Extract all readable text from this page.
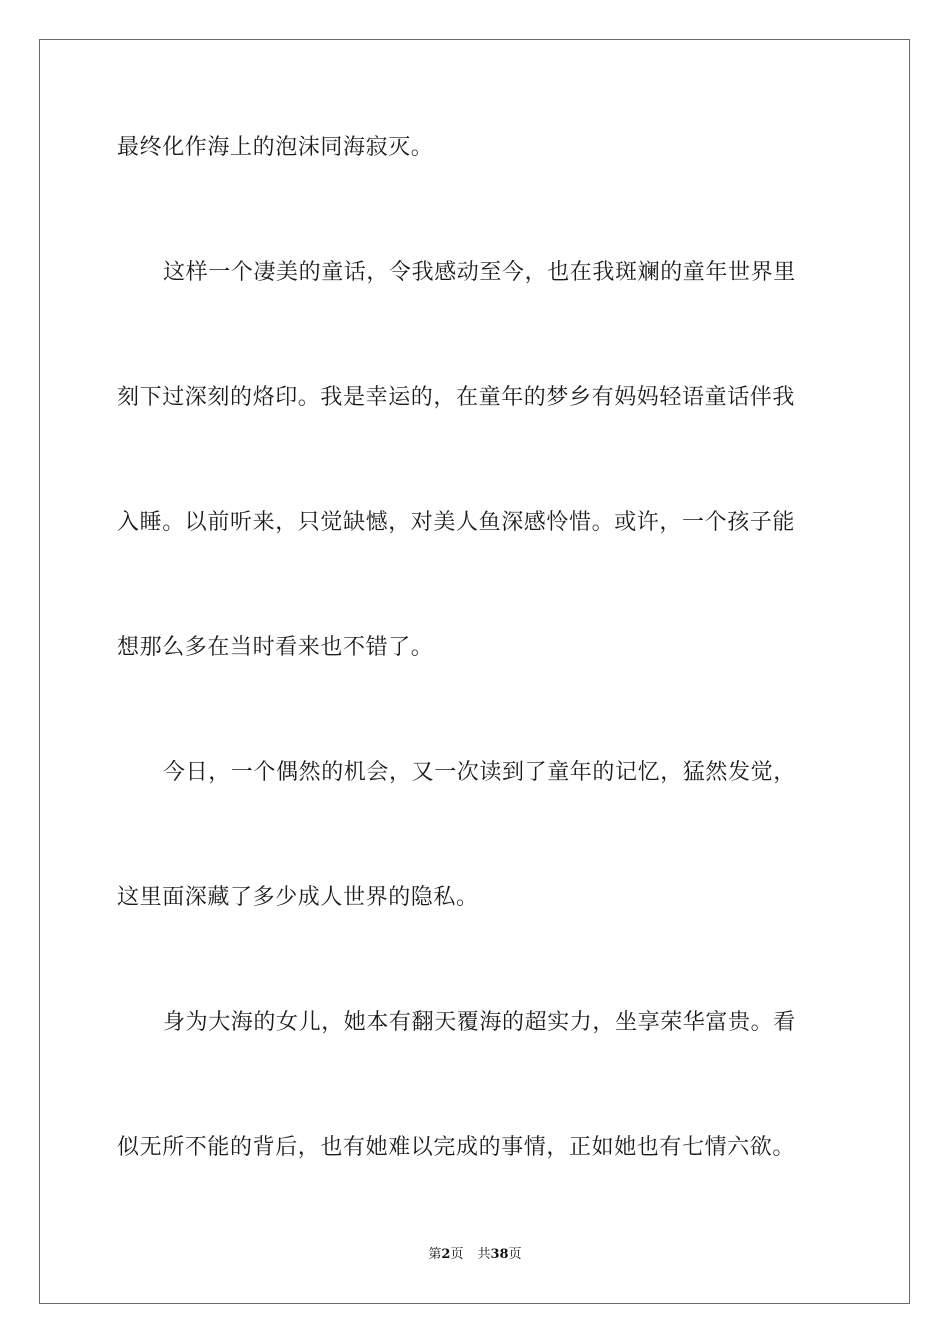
最终化作海上的泡沫同海寂灭。
这样一个凄美的童话，令我感动至今，也在我斑斓的童年世界里
刻下过深刻的烙印。我是幸运的，在童年的梦乡有妈妈轻语童话伴我
入睡。以前听来，只觉缺憾，对美人鱼深感怜惜。或许，一个孩子能
想那么多在当时看来也不错了。
今日，一个偶然的机会，又一次读到了童年的记忆，猛然发觉，
这里面深藏了多少成人世界的隐私。
身为大海的女儿，她本有翻天覆海的超实力，坐享荣华富贵。看
似无所不能的背后，也有她难以完成的事情，正如她也有七情六欲。
第2页 共38页
